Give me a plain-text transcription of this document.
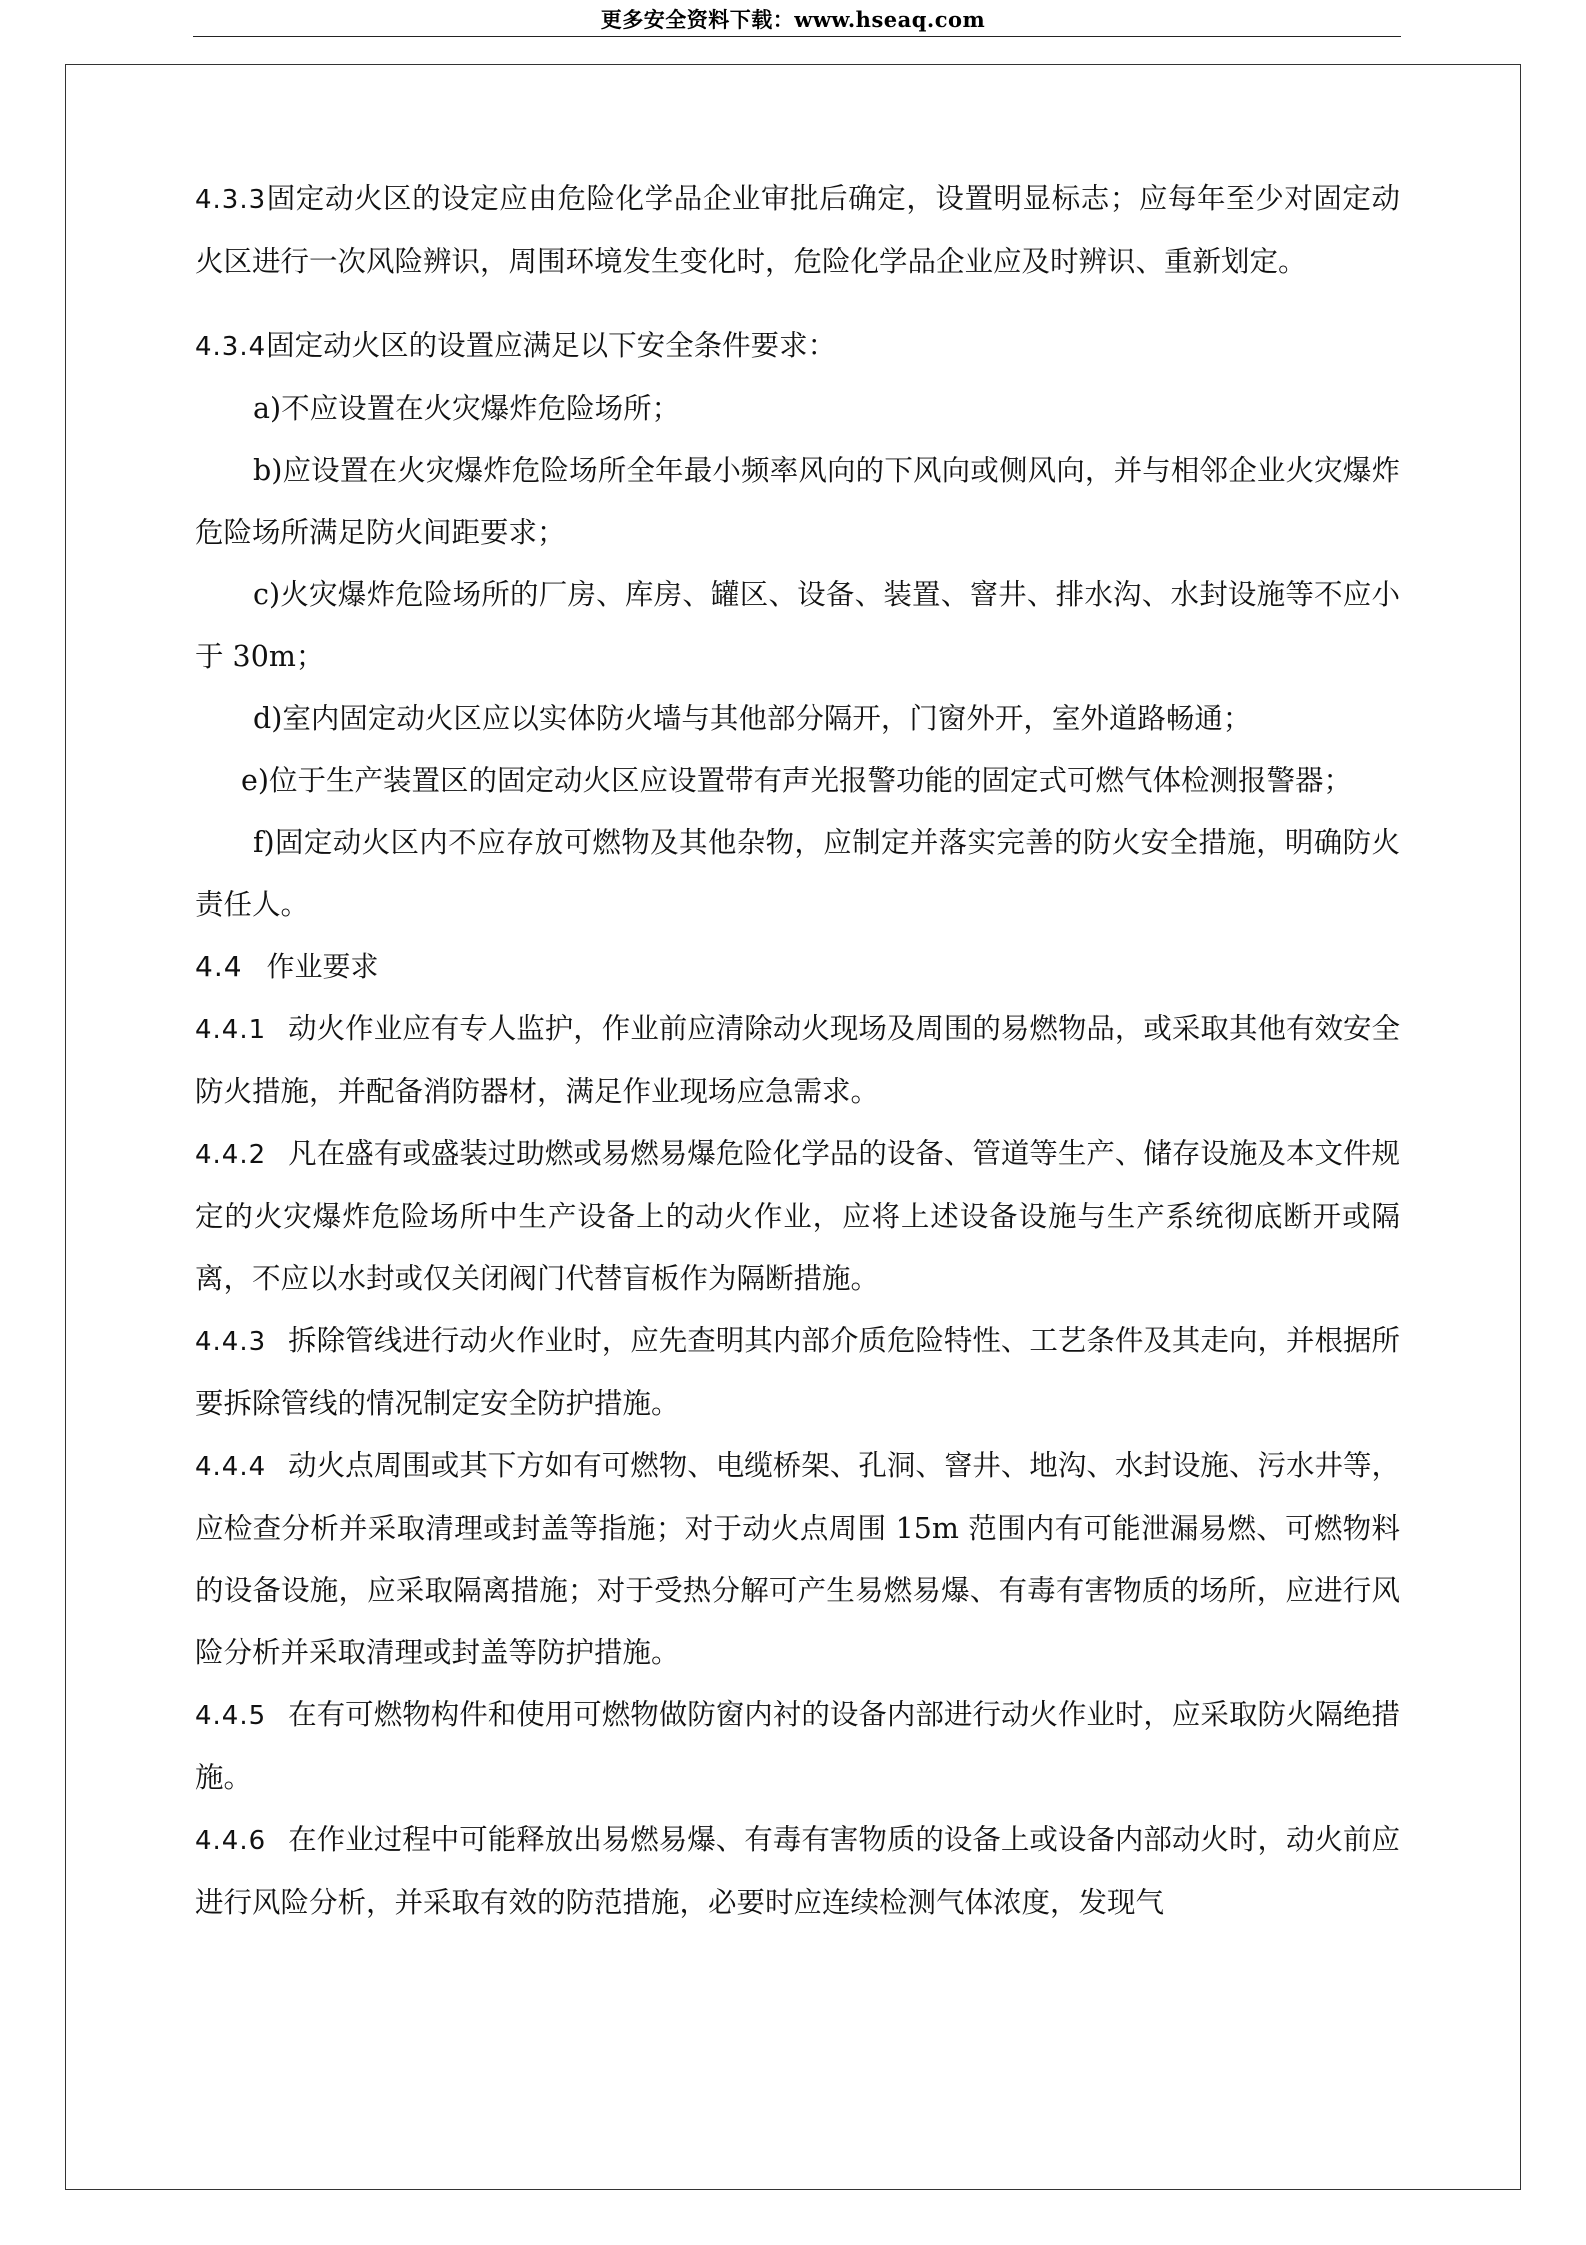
更多安全资料下载：www.hseaq.com

4.3.3固定动火区的设定应由危险化学品企业审批后确定，设置明显标志；应每年至少对固定动火区进行一次风险辨识，周围环境发生变化时，危险化学品企业应及时辨识、重新划定。

4.3.4固定动火区的设置应满足以下安全条件要求：

a)不应设置在火灾爆炸危险场所；

b)应设置在火灾爆炸危险场所全年最小频率风向的下风向或侧风向，并与相邻企业火灾爆炸危险场所满足防火间距要求；

c)火灾爆炸危险场所的厂房、库房、罐区、设备、装置、窨井、排水沟、水封设施等不应小于 30m；

d)室内固定动火区应以实体防火墙与其他部分隔开，门窗外开，室外道路畅通；

e)位于生产装置区的固定动火区应设置带有声光报警功能的固定式可燃气体检测报警器；

f)固定动火区内不应存放可燃物及其他杂物，应制定并落实完善的防火安全措施，明确防火责任人。

4.4 作业要求

4.4.1 动火作业应有专人监护，作业前应清除动火现场及周围的易燃物品，或采取其他有效安全防火措施，并配备消防器材，满足作业现场应急需求。

4.4.2 凡在盛有或盛装过助燃或易燃易爆危险化学品的设备、管道等生产、储存设施及本文件规定的火灾爆炸危险场所中生产设备上的动火作业，应将上述设备设施与生产系统彻底断开或隔离，不应以水封或仅关闭阀门代替盲板作为隔断措施。

4.4.3 拆除管线进行动火作业时，应先查明其内部介质危险特性、工艺条件及其走向，并根据所要拆除管线的情况制定安全防护措施。

4.4.4 动火点周围或其下方如有可燃物、电缆桥架、孔洞、窨井、地沟、水封设施、污水井等，应检查分析并采取清理或封盖等指施；对于动火点周围 15m 范围内有可能泄漏易燃、可燃物料的设备设施，应采取隔离措施；对于受热分解可产生易燃易爆、有毒有害物质的场所，应进行风险分析并采取清理或封盖等防护措施。

4.4.5 在有可燃物构件和使用可燃物做防窗内衬的设备内部进行动火作业时，应采取防火隔绝措施。

4.4.6 在作业过程中可能释放出易燃易爆、有毒有害物质的设备上或设备内部动火时，动火前应进行风险分析，并采取有效的防范措施，必要时应连续检测气体浓度，发现气
